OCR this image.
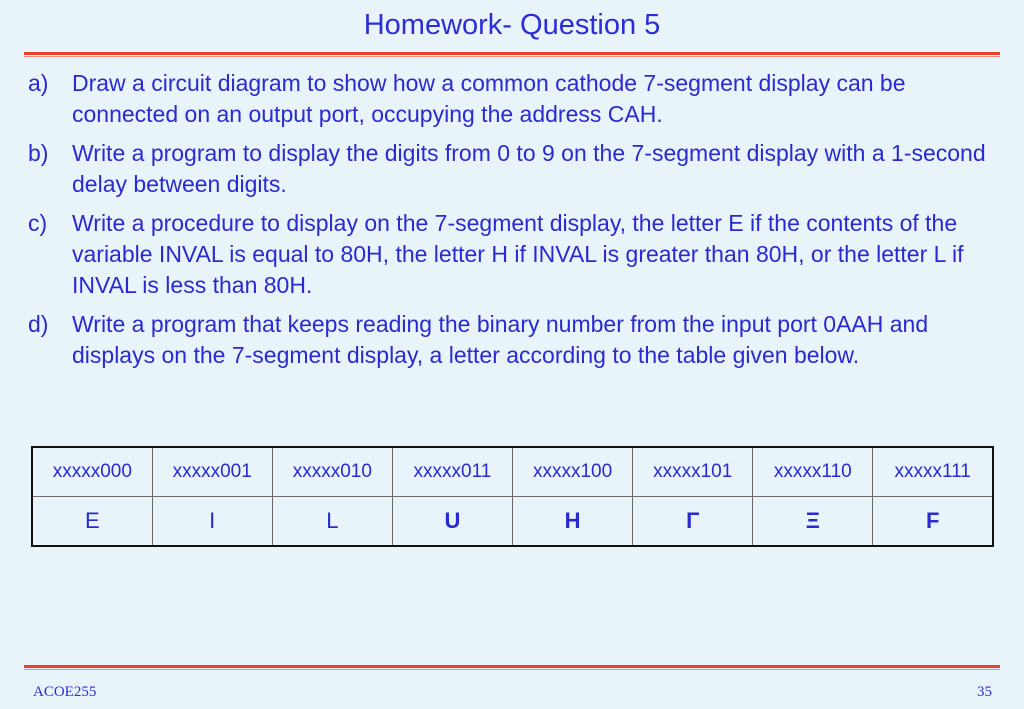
Homework- Question 5
a)	Draw a circuit diagram to show how a common cathode 7-segment display can be connected on an output port, occupying the address CAH.
b)	Write a program to display the digits from 0 to 9 on the 7-segment display with a 1-second delay between digits.
c)	Write a procedure to display on the 7-segment display, the letter E if the contents of the variable INVAL is equal to 80H, the letter H if INVAL is greater than 80H, or the letter L if INVAL is less than 80H.
d)	Write a program that keeps reading the binary number from the input port 0AAH and displays on the 7-segment display, a letter according to the table given below.
xxxxx000	xxxxx001	xxxxx010	xxxxx011	xxxxx100	xxxxx101	xxxxx110	xxxxx111
E	I	L	U	H	Γ	Ξ	F
ACOE255	35
